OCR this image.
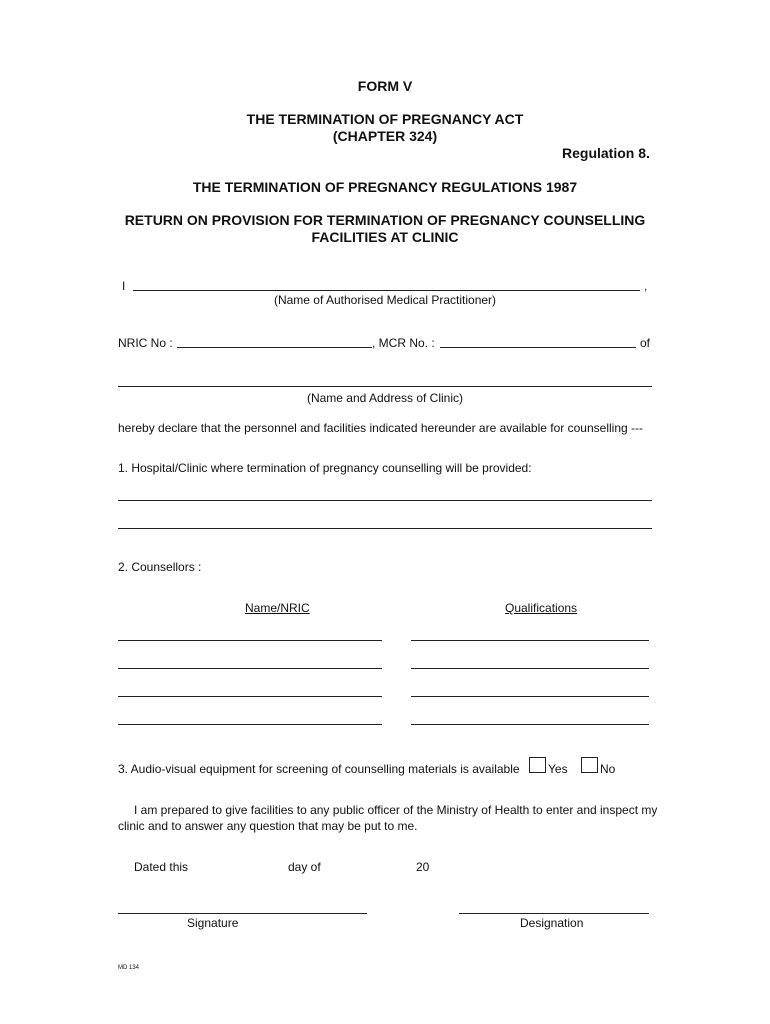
FORM V
THE TERMINATION OF PREGNANCY ACT
(CHAPTER 324)
Regulation 8.
THE TERMINATION OF PREGNANCY REGULATIONS 1987
RETURN ON PROVISION FOR TERMINATION OF PREGNANCY COUNSELLING
FACILITIES AT CLINIC
I	,
(Name of Authorised Medical Practitioner)
NRIC No :	, MCR No. :	of
(Name and Address of Clinic)
hereby declare that the personnel and facilities indicated hereunder are available for counselling ---
1. Hospital/Clinic where termination of pregnancy counselling will be provided:
2. Counsellors :
Name/NRIC	Qualifications
3. Audio-visual equipment for screening of counselling materials is available Yes	No
I am prepared to give facilities to any public officer of the Ministry of Health to enter and inspect my
clinic and to answer any question that may be put to me.
Dated this	day of	20
Signature	Designation
MD 134
